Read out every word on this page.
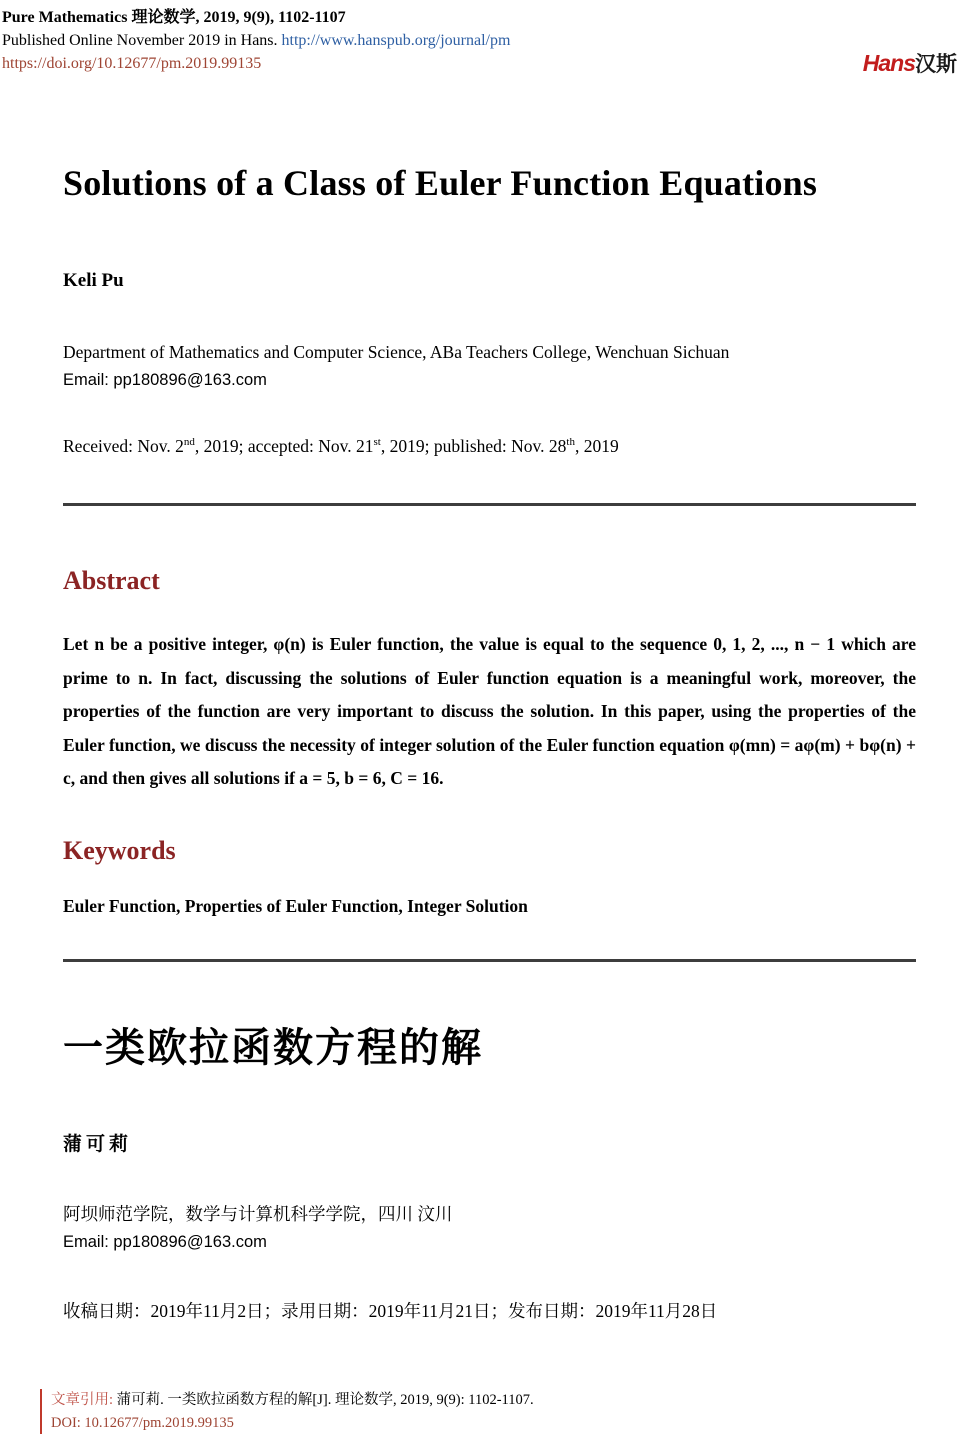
Pure Mathematics 理论数学, 2019, 9(9), 1102-1107
Published Online November 2019 in Hans. http://www.hanspub.org/journal/pm
https://doi.org/10.12677/pm.2019.99135	Hans汉斯
Solutions of a Class of Euler Function Equations
Keli Pu
Department of Mathematics and Computer Science, ABa Teachers College, Wenchuan Sichuan
Email: pp180896@163.com
Received: Nov. 2nd, 2019; accepted: Nov. 21st, 2019; published: Nov. 28th, 2019
Abstract
Let n be a positive integer, φ(n) is Euler function, the value is equal to the sequence 0, 1, 2, ..., n − 1 which are prime to n. In fact, discussing the solutions of Euler function equation is a meaningful work, moreover, the properties of the function are very important to discuss the solution. In this paper, using the properties of the Euler function, we discuss the necessity of integer solution of the Euler function equation φ(mn) = aφ(m) + bφ(n) + c, and then gives all solutions if a = 5, b = 6, C = 16.
Keywords
Euler Function, Properties of Euler Function, Integer Solution
一类欧拉函数方程的解
蒲可莉
阿坝师范学院，数学与计算机科学学院，四川 汶川
Email: pp180896@163.com
收稿日期：2019年11月2日；录用日期：2019年11月21日；发布日期：2019年11月28日
文章引用: 蒲可莉. 一类欧拉函数方程的解[J]. 理论数学, 2019, 9(9): 1102-1107.
DOI: 10.12677/pm.2019.99135
